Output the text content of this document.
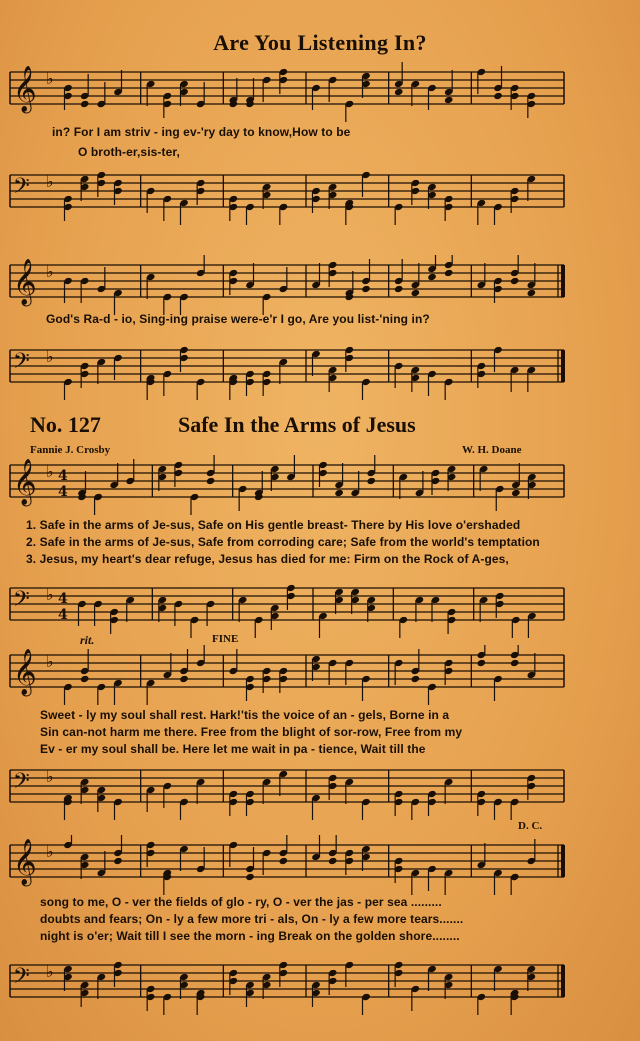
Are You Listening In?
𝄞 ♭
in? For I am striv - ing ev-'ry day to know,How to be
O broth-er,sis-ter,
𝄢 ♭
𝄞 ♭
God's Ra-d - io, Sing-ing praise were-e'r I go, Are you list-'ning in?
𝄢 ♭
No. 127	Safe In the Arms of Jesus
Fannie J. Crosby	W. H. Doane
𝄞 ♭ 4
4
1. Safe in the arms of Je-sus, Safe on His gentle breast- There by His love o'ershaded
2. Safe in the arms of Je-sus, Safe from corroding care; Safe from the world's temptation
3. Jesus, my heart's dear refuge, Jesus has died for me: Firm on the Rock of A-ges,
𝄢 ♭ 4
4
rit.	FINE
𝄞 ♭
Sweet - ly my soul shall rest. Hark!'tis the voice of an - gels, Borne in a
Sin can-not harm me there. Free from the blight of sor-row, Free from my
Ev - er my soul shall be. Here let me wait in pa - tience, Wait till the
𝄢 ♭
D. C.
𝄞 ♭
song to me, O - ver the fields of glo - ry, O - ver the jas - per sea .........
doubts and fears; On - ly a few more tri - als, On - ly a few more tears.......
night is o'er; Wait till I see the morn - ing Break on the golden shore........
𝄢 ♭
